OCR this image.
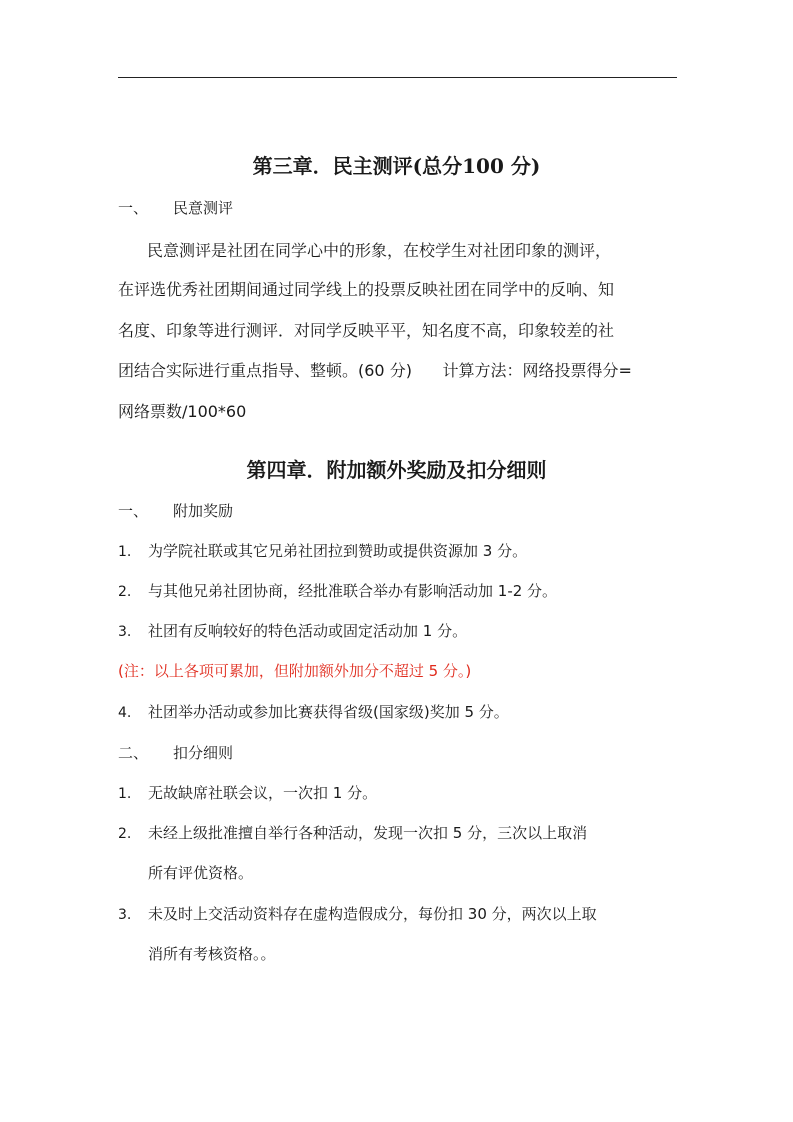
第三章．民主测评(总分100 分)
一、 民意测评
民意测评是社团在同学心中的形象，在校学生对社团印象的测评，
在评选优秀社团期间通过同学线上的投票反映社团在同学中的反响、知
名度、印象等进行测评．对同学反映平平，知名度不高，印象较差的社
团结合实际进行重点指导、整顿。(60 分)      计算方法：网络投票得分=
网络票数/100*60
第四章．附加额外奖励及扣分细则
一、 附加奖励
1. 为学院社联或其它兄弟社团拉到赞助或提供资源加 3 分。
2. 与其他兄弟社团协商，经批准联合举办有影响活动加 1-2 分。
3. 社团有反响较好的特色活动或固定活动加 1 分。
(注：以上各项可累加，但附加额外加分不超过 5 分。)
4. 社团举办活动或参加比赛获得省级(国家级)奖加 5 分。
二、 扣分细则
1. 无故缺席社联会议，一次扣 1 分。
2. 未经上级批准擅自举行各种活动，发现一次扣 5 分，三次以上取消
所有评优资格。
3. 未及时上交活动资料存在虚构造假成分，每份扣 30 分，两次以上取
消所有考核资格。。
